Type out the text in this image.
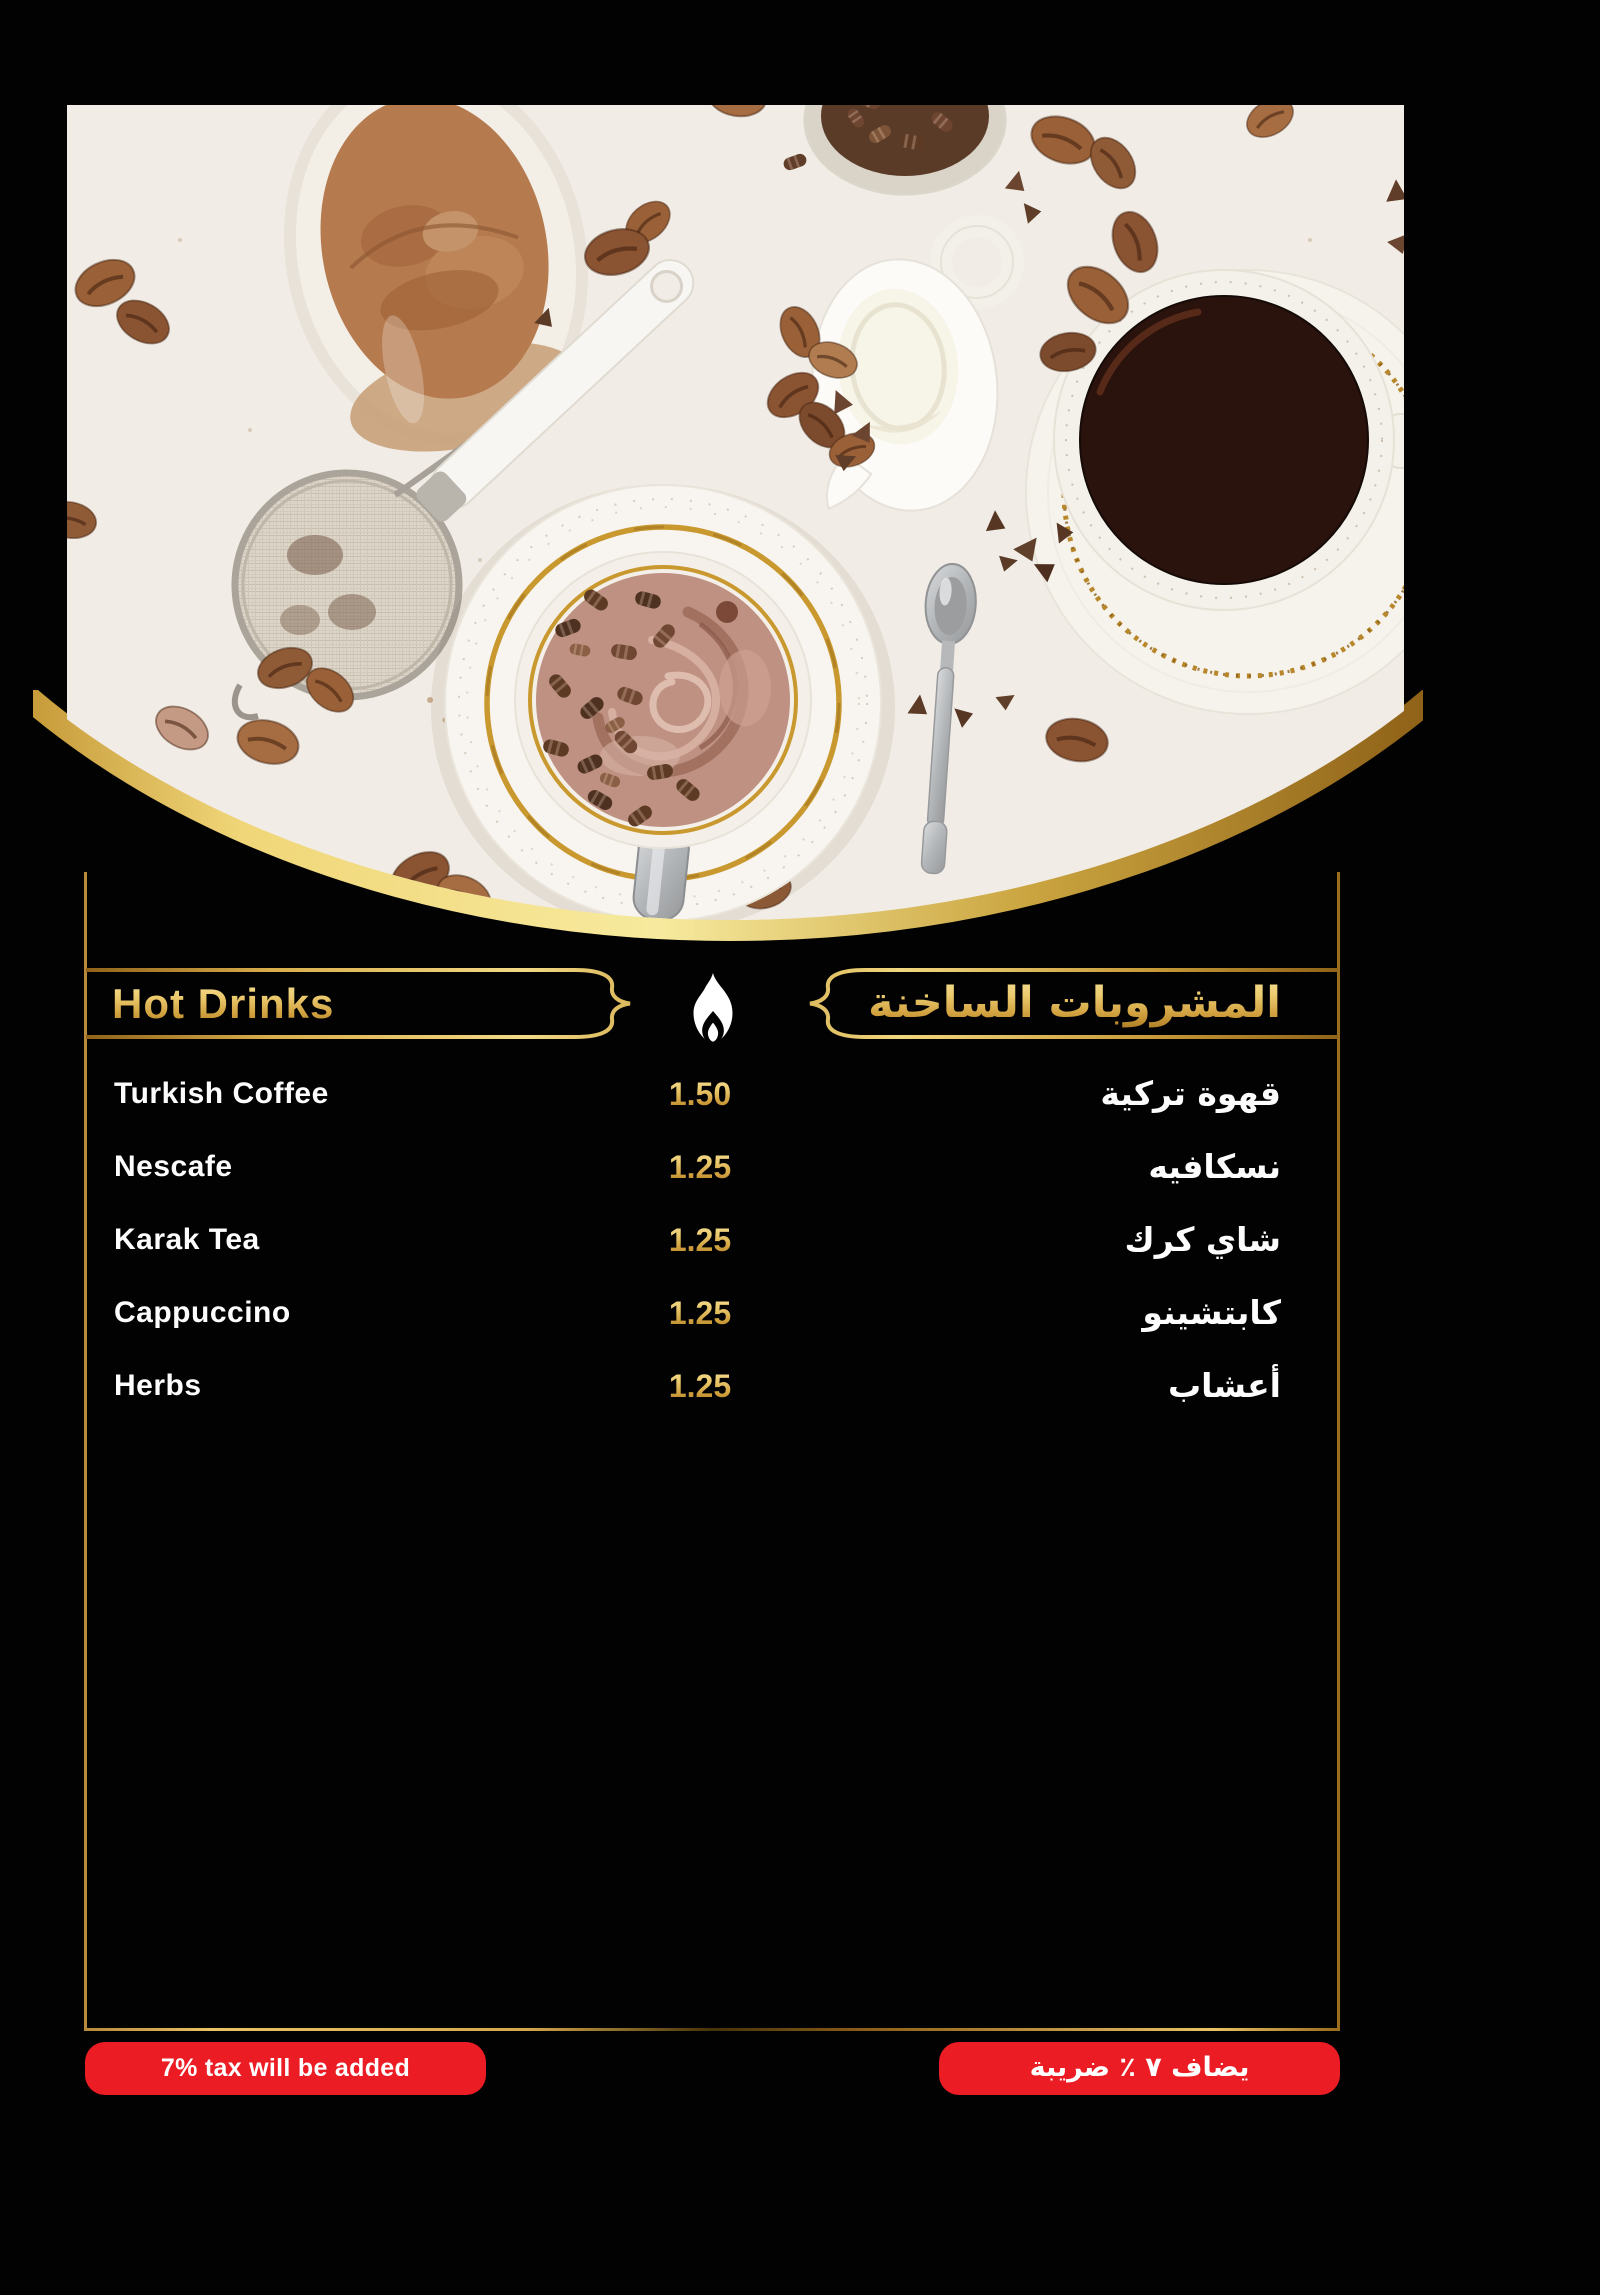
Hot Drinks	المشروبات الساخنة
Turkish Coffee	1.50	قهوة تركية
Nescafe	1.25	نسكافيه
Karak Tea	1.25	شاي كرك
Cappuccino	1.25	كابتشينو
Herbs	1.25	أعشاب
7% tax will be added	يضاف ٧ ٪ ضريبة
